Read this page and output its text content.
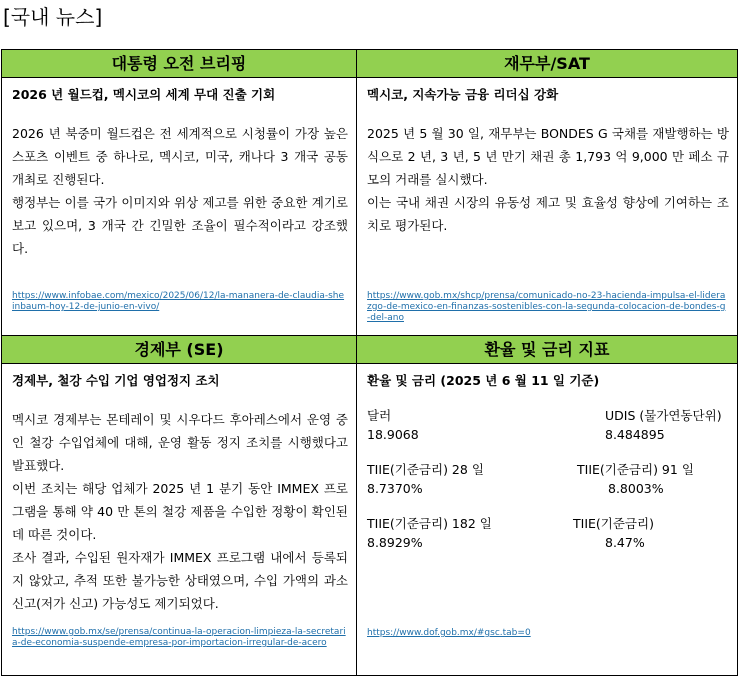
[국내 뉴스]
대통령 오전 브리핑
2026 년 월드컵, 멕시코의 세계 무대 진출 기회

2026 년 북중미 월드컵은 전 세계적으로 시청률이 가장 높은 스포츠 이벤트 중 하나로, 멕시코, 미국, 캐나다 3 개국 공동 개최로 진행된다.

행정부는 이를 국가 이미지와 위상 제고를 위한 중요한 계기로 보고 있으며, 3 개국 간 긴밀한 조율이 필수적이라고 강조했다.

https://www.infobae.com/mexico/2025/06/12/la-mananera-de-claudia-sheinbaum-hoy-12-de-junio-en-vivo/
재무부/SAT
멕시코, 지속가능 금융 리더십 강화

2025 년 5 월 30 일, 재무부는 BONDES G 국채를 재발행하는 방식으로 2 년, 3 년, 5 년 만기 채권 총 1,793 억 9,000 만 페소 규모의 거래를 실시했다.

이는 국내 채권 시장의 유동성 제고 및 효율성 향상에 기여하는 조치로 평가된다.

https://www.gob.mx/shcp/prensa/comunicado-no-23-hacienda-impulsa-el-liderazgo-de-mexico-en-finanzas-sostenibles-con-la-segunda-colocacion-de-bondes-g-del-ano
경제부 (SE)
경제부, 철강 수입 기업 영업정지 조치

멕시코 경제부는 몬테레이 및 시우다드 후아레스에서 운영 중인 철강 수입업체에 대해, 운영 활동 정지 조치를 시행했다고 발표했다.

이번 조치는 해당 업체가 2025 년 1 분기 동안 IMMEX 프로그램을 통해 약 40 만 톤의 철강 제품을 수입한 정황이 확인된 데 따른 것이다.

조사 결과, 수입된 원자재가 IMMEX 프로그램 내에서 등록되지 않았고, 추적 또한 불가능한 상태였으며, 수입 가액의 과소 신고(저가 신고) 가능성도 제기되었다.

https://www.gob.mx/se/prensa/continua-la-operacion-limpieza-la-secretaria-de-economia-suspende-empresa-por-importacion-irregular-de-acero
환율 및 금리 지표
환율 및 금리 (2025 년 6 월 11 일 기준)
달러
18.9068
UDIS (물가연동단위)
8.484895
TIIE(기준금리) 28 일
8.7370%
TIIE(기준금리) 91 일
8.8003%
TIIE(기준금리) 182 일
8.8929%
TIIE(기준금리)
8.47%
https://www.dof.gob.mx/#gsc.tab=0
